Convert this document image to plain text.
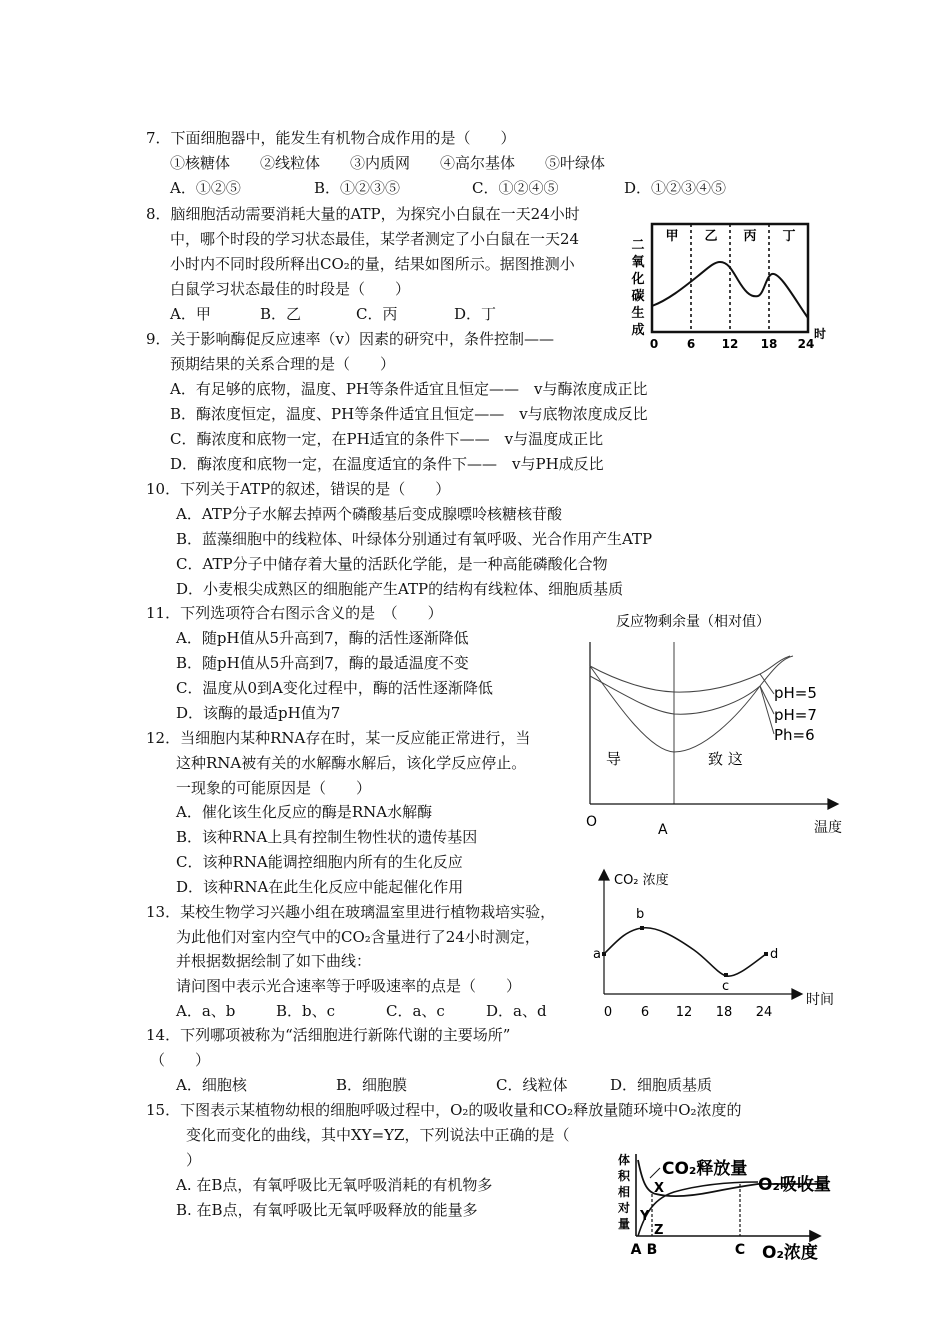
7．下面细胞器中，能发生有机物合成作用的是（　　）
①核糖体　　②线粒体　　③内质网　　④高尔基体　　⑤叶绿体
A．①②⑤	B．①②③⑤	C．①②④⑤	D．①②③④⑤
8．脑细胞活动需要消耗大量的ATP，为探究小白鼠在一天24小时
中，哪个时段的学习状态最佳，某学者测定了小白鼠在一天24
小时内不同时段所释出CO₂的量，结果如图所示。据图推测小
白鼠学习状态最佳的时段是（　　）
A．甲	B．乙	C．丙	D．丁
9．关于影响酶促反应速率（v）因素的研究中，条件控制——
预期结果的关系合理的是（　　）
A．有足够的底物，温度、PH等条件适宜且恒定——　v与酶浓度成正比
B．酶浓度恒定，温度、PH等条件适宜且恒定——　v与底物浓度成反比
C．酶浓度和底物一定，在PH适宜的条件下——　v与温度成正比
D．酶浓度和底物一定，在温度适宜的条件下——　v与PH成反比
10．下列关于ATP的叙述，错误的是（　　）
A．ATP分子水解去掉两个磷酸基后变成腺嘌呤核糖核苷酸
B．蓝藻细胞中的线粒体、叶绿体分别通过有氧呼吸、光合作用产生ATP
C．ATP分子中储存着大量的活跃化学能，是一种高能磷酸化合物
D．小麦根尖成熟区的细胞能产生ATP的结构有线粒体、细胞质基质
11．下列选项符合右图示含义的是　（　　）
A．随pH值从5升高到7，酶的活性逐渐降低
B．随pH值从5升高到7，酶的最适温度不变
C．温度从0到A变化过程中，酶的活性逐渐降低
D．该酶的最适pH值为7
12．当细胞内某种RNA存在时，某一反应能正常进行，当
这种RNA被有关的水解酶水解后，该化学反应停止。
一现象的可能原因是（　　）
A．催化该生化反应的酶是RNA水解酶
B．该种RNA上具有控制生物性状的遗传基因
C．该种RNA能调控细胞内所有的生化反应
D．该种RNA在此生化反应中能起催化作用
13．某校生物学习兴趣小组在玻璃温室里进行植物栽培实验，
为此他们对室内空气中的CO₂含量进行了24小时测定，
并根据数据绘制了如下曲线：
请问图中表示光合速率等于呼吸速率的点是（　　）
A．a、b	B．b、c	C．a、c	D．a、d
14．下列哪项被称为“活细胞进行新陈代谢的主要场所”
（　　）
A．细胞核	B．细胞膜	C．线粒体	D．细胞质基质
15．下图表示某植物幼根的细胞呼吸过程中，O₂的吸收量和CO₂释放量随环境中O₂浓度的
变化而变化的曲线，其中XY=YZ，下列说法中正确的是（
）
A. 在B点，有氧呼吸比无氧呼吸消耗的有机物多
B. 在B点，有氧呼吸比无氧呼吸释放的能量多
二
氧
化
碳
生
成
甲 乙 丙 丁
0 6 12 18 24
时
反应物剩余量（相对值）
pH=5
pH=7
Ph=6
导	致 这
O	A	温度
CO₂ 浓度
a
b
c
d
0 6 12 18 24
时间
体
积
相
对
量
CO₂释放量
O₂吸收量
X
Y
Z
A B	C O₂浓度
